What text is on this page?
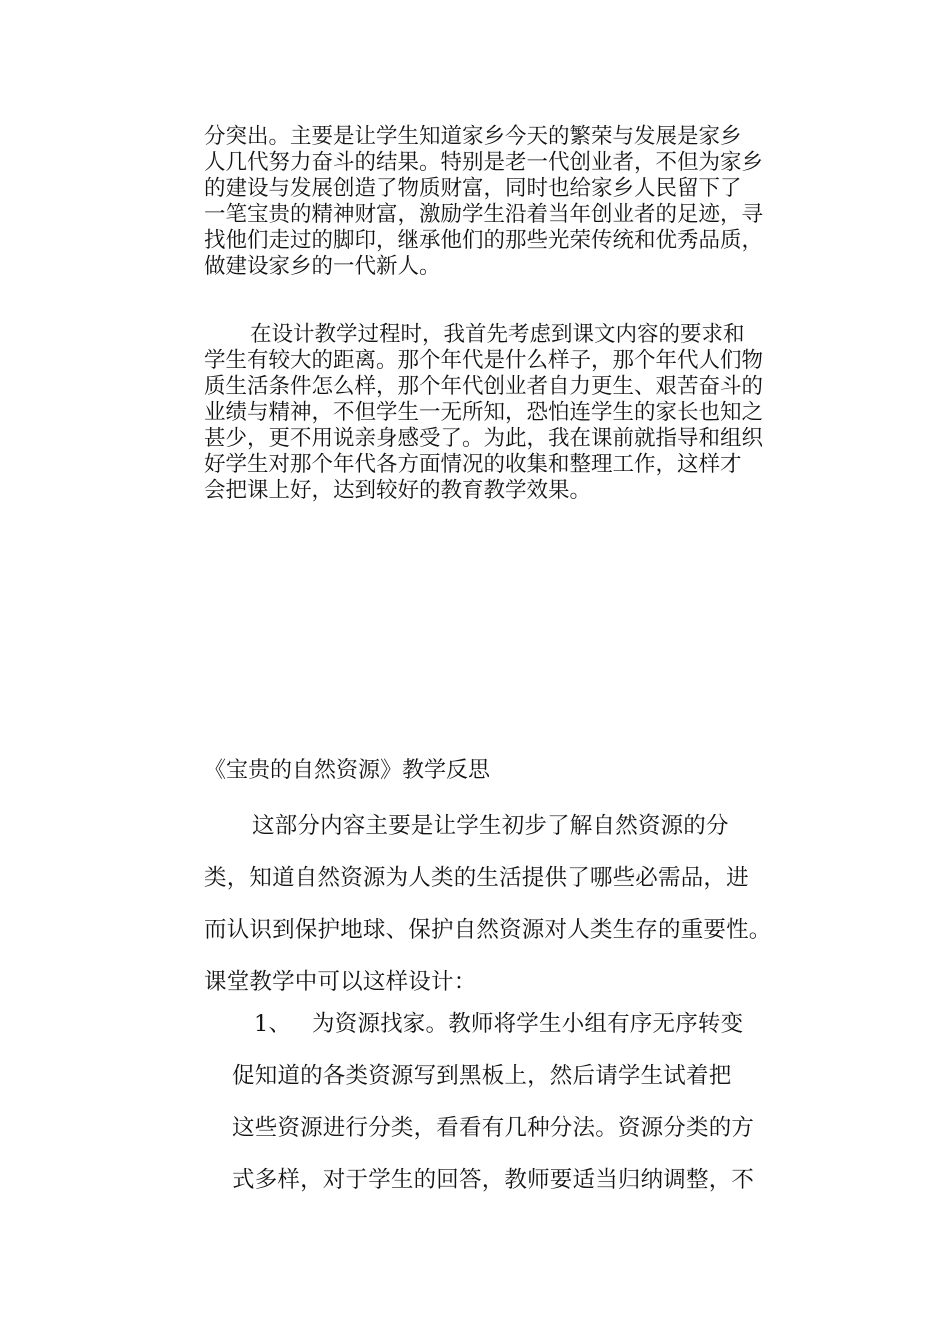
分突出。主要是让学生知道家乡今天的繁荣与发展是家乡

人几代努力奋斗的结果。特别是老一代创业者，不但为家乡

的建设与发展创造了物质财富，同时也给家乡人民留下了

一笔宝贵的精神财富，激励学生沿着当年创业者的足迹，寻

找他们走过的脚印，继承他们的那些光荣传统和优秀品质，

做建设家乡的一代新人。

在设计教学过程时，我首先考虑到课文内容的要求和

学生有较大的距离。那个年代是什么样子，那个年代人们物

质生活条件怎么样，那个年代创业者自力更生、艰苦奋斗的

业绩与精神，不但学生一无所知，恐怕连学生的家长也知之

甚少，更不用说亲身感受了。为此，我在课前就指导和组织

好学生对那个年代各方面情况的收集和整理工作，这样才

会把课上好，达到较好的教育教学效果。

《宝贵的自然资源》教学反思

这部分内容主要是让学生初步了解自然资源的分

类，知道自然资源为人类的生活提供了哪些必需品，进

而认识到保护地球、保护自然资源对人类生存的重要性。

课堂教学中可以这样设计：

1、 为资源找家。教师将学生小组有序无序转变

促知道的各类资源写到黑板上，然后请学生试着把

这些资源进行分类，看看有几种分法。资源分类的方

式多样，对于学生的回答，教师要适当归纳调整，不
